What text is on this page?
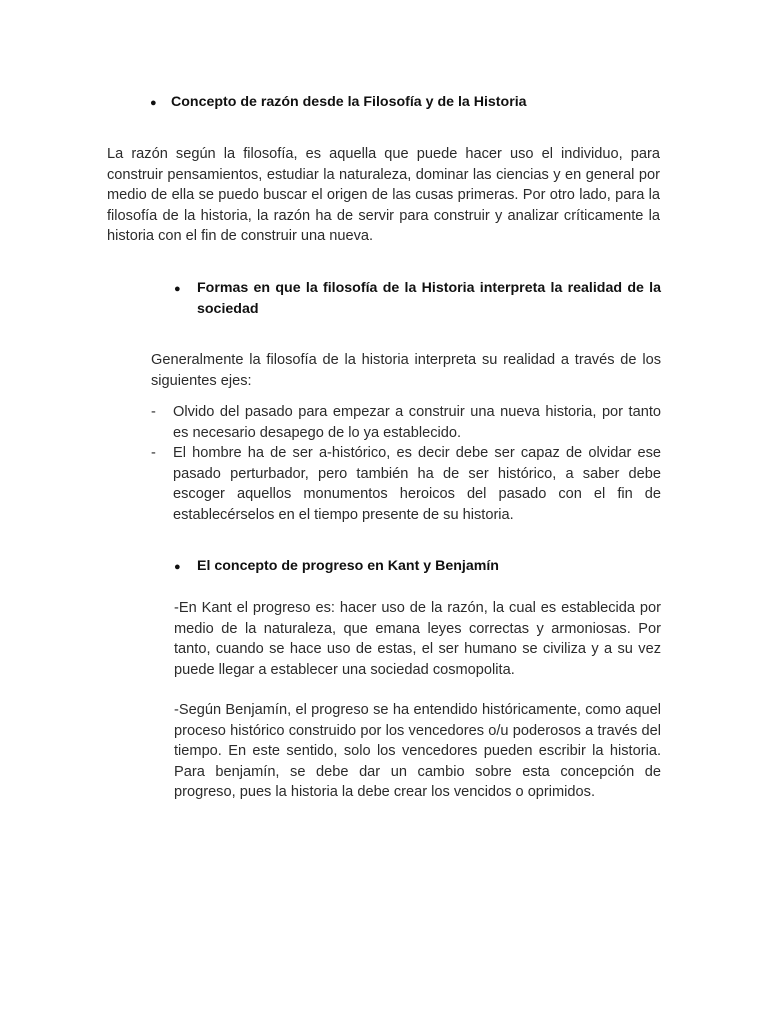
●	Concepto de razón desde la Filosofía y de la Historia

La razón según la filosofía, es aquella que puede hacer uso el individuo, para construir pensamientos, estudiar la naturaleza, dominar las ciencias y en general por medio de ella se puedo buscar el origen de las cusas primeras. Por otro lado, para la filosofía de la historia, la razón ha de servir para construir y analizar críticamente la historia con el fin de construir una nueva.

●	Formas en que la filosofía de la Historia interpreta la realidad de la sociedad

Generalmente la filosofía de la historia interpreta su realidad a través de los siguientes ejes:

-	Olvido del pasado para empezar a construir una nueva historia, por tanto es necesario desapego de lo ya establecido.
-	El hombre ha de ser a-histórico, es decir debe ser capaz de olvidar ese pasado perturbador, pero también ha de ser histórico, a saber debe escoger aquellos monumentos heroicos del pasado con el fin de establecérselos en el tiempo presente de su historia.
●	El concepto de progreso en Kant y Benjamín

-En Kant el progreso es: hacer uso de la razón, la cual es establecida por medio de la naturaleza, que emana leyes correctas y armoniosas. Por tanto, cuando se hace uso de estas, el ser humano se civiliza y a su vez puede llegar a establecer una sociedad cosmopolita.

-Según Benjamín, el progreso se ha entendido históricamente, como aquel proceso histórico construido por los vencedores o/u poderosos a través del tiempo. En este sentido, solo los vencedores pueden escribir la historia. Para benjamín, se debe dar un cambio sobre esta concepción de progreso, pues la historia la debe crear los vencidos o oprimidos.
